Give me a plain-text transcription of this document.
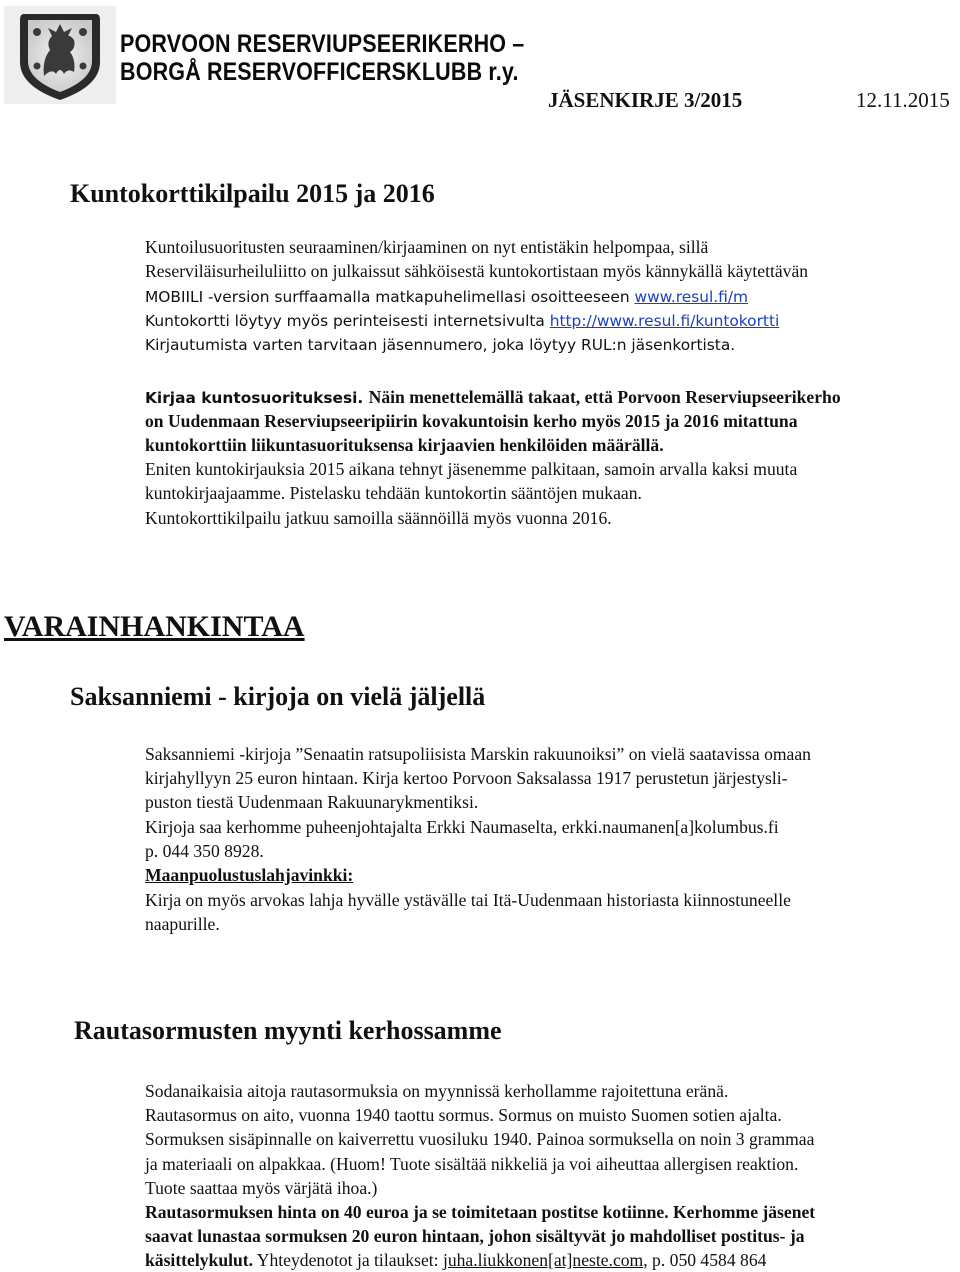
PORVOON RESERVIUPSEERIKERHO –
BORGÅ RESERVOFFICERSKLUBB r.y.
JÄSENKIRJE 3/2015	12.11.2015
Kuntokorttikilpailu 2015 ja 2016
Kuntoilusuoritusten seuraaminen/kirjaaminen on nyt entistäkin helpompaa, sillä
Reserviläisurheiluliitto on julkaissut sähköisestä kuntokortistaan myös kännykällä käytettävän
MOBIILI -version surffaamalla matkapuhelimellasi osoitteeseen www.resul.fi/m
Kuntokortti löytyy myös perinteisesti internetsivulta http://www.resul.fi/kuntokortti
Kirjautumista varten tarvitaan jäsennumero, joka löytyy RUL:n jäsenkortista.
Kirjaa kuntosuorituksesi. Näin menettelemällä takaat, että Porvoon Reserviupseerikerho
on Uudenmaan Reserviupseeripiirin kovakuntoisin kerho myös 2015 ja 2016 mitattuna
kuntokorttiin liikuntasuorituksensa kirjaavien henkilöiden määrällä.
Eniten kuntokirjauksia 2015 aikana tehnyt jäsenemme palkitaan, samoin arvalla kaksi muuta
kuntokirjaajaamme. Pistelasku tehdään kuntokortin sääntöjen mukaan.
Kuntokorttikilpailu jatkuu samoilla säännöillä myös vuonna 2016.
VARAINHANKINTAA
Saksanniemi - kirjoja on vielä jäljellä
Saksanniemi -kirjoja ”Senaatin ratsupoliisista Marskin rakuunoiksi” on vielä saatavissa omaan
kirjahyllyyn 25 euron hintaan. Kirja kertoo Porvoon Saksalassa 1917 perustetun järjestysli-
puston tiestä Uudenmaan Rakuunarykmentiksi.
Kirjoja saa kerhomme puheenjohtajalta Erkki Naumaselta, erkki.naumanen[a]kolumbus.fi
p. 044 350 8928.
Maanpuolustuslahjavinkki:
Kirja on myös arvokas lahja hyvälle ystävälle tai Itä-Uudenmaan historiasta kiinnostuneelle
naapurille.
Rautasormusten myynti kerhossamme
Sodanaikaisia aitoja rautasormuksia on myynnissä kerhollamme rajoitettuna eränä.
Rautasormus on aito, vuonna 1940 taottu sormus. Sormus on muisto Suomen sotien ajalta.
Sormuksen sisäpinnalle on kaiverrettu vuosiluku 1940. Painoa sormuksella on noin 3 grammaa
ja materiaali on alpakkaa. (Huom! Tuote sisältää nikkeliä ja voi aiheuttaa allergisen reaktion.
Tuote saattaa myös värjätä ihoa.)
Rautasormuksen hinta on 40 euroa ja se toimitetaan postitse kotiinne. Kerhomme jäsenet
saavat lunastaa sormuksen 20 euron hintaan, johon sisältyvät jo mahdolliset postitus- ja
käsittelykulut. Yhteydenotot ja tilaukset: juha.liukkonen[at]neste.com, p. 050 4584 864
